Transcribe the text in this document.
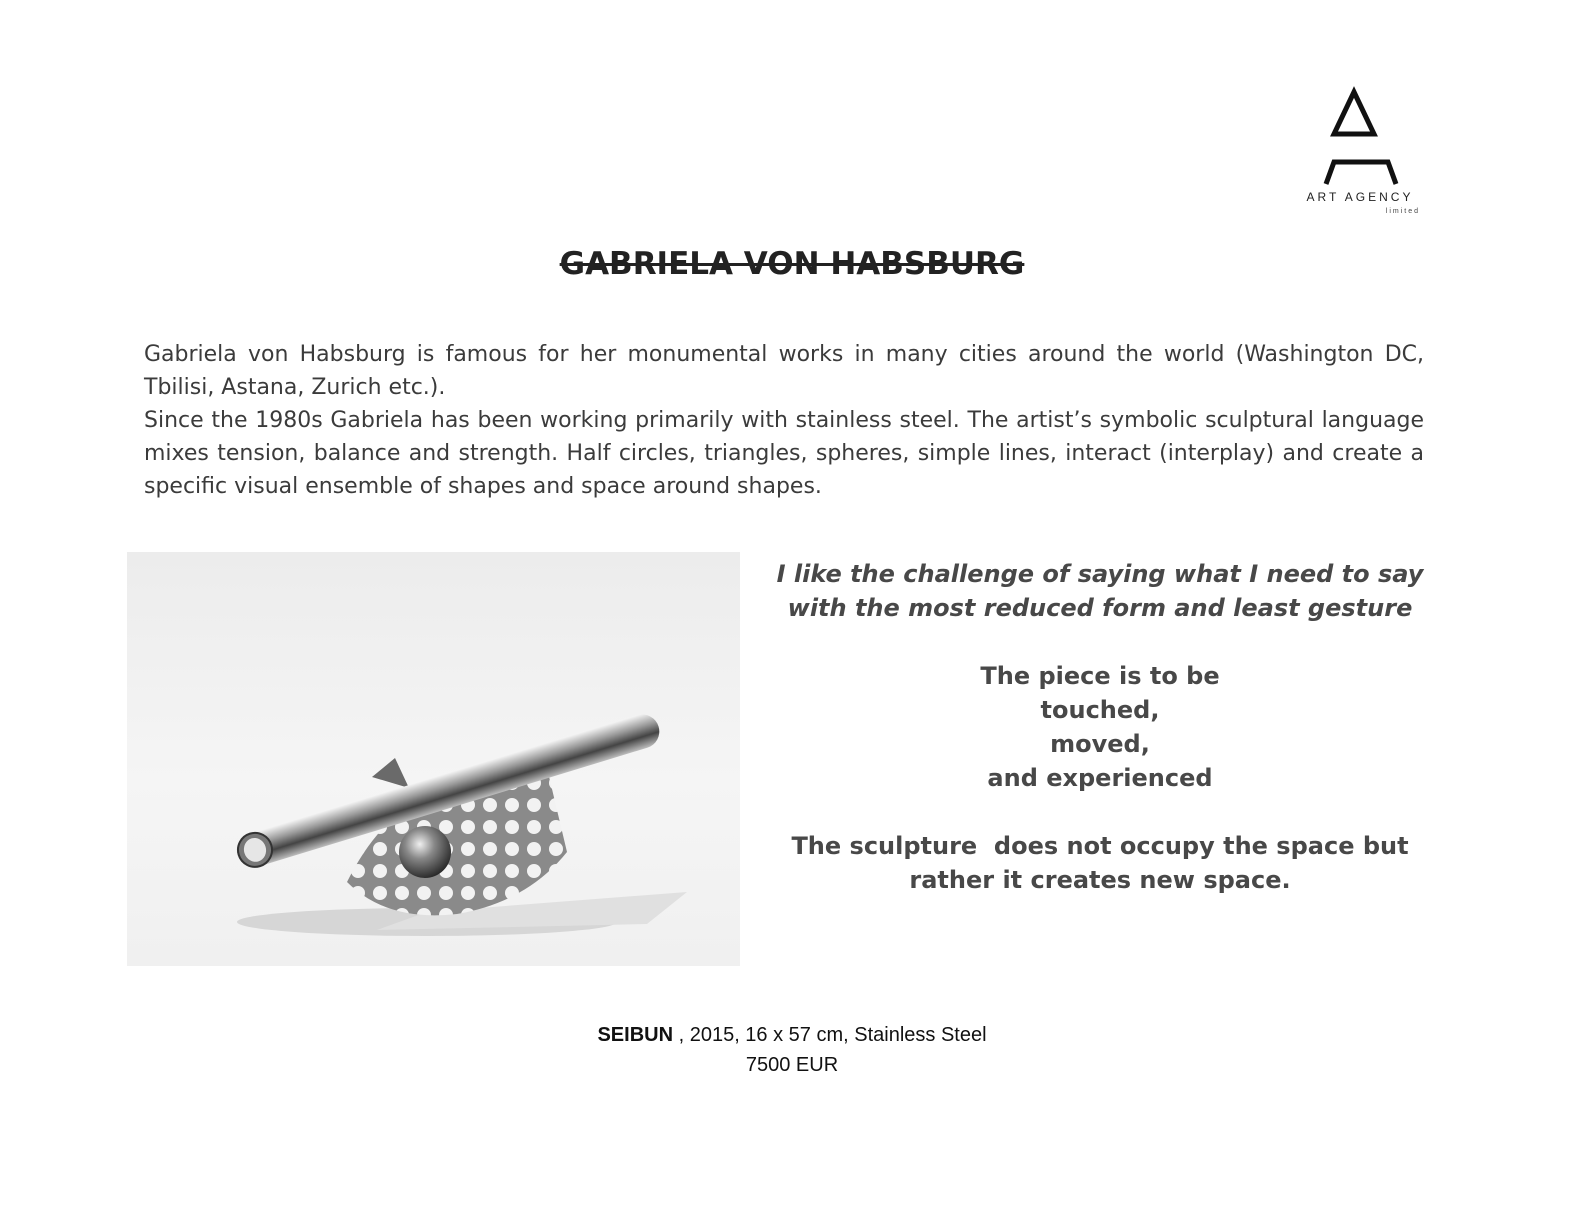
ART AGENCY
limited
GABRIELA VON HABSBURG

Gabriela von Habsburg is famous for her monumental works in many cities around the world (Washington DC, Tbilisi, Astana, Zurich etc.).

Since the 1980s Gabriela has been working primarily with stainless steel. The artist’s symbolic sculptural language mixes tension, balance and strength. Half circles, triangles, spheres, simple lines, interact (interplay) and create a specific visual ensemble of shapes and space around shapes.

I like the challenge of saying what I need to say

with the most reduced form and least gesture

The piece is to be

touched,

moved,

and experienced

The sculpture  does not occupy the space but

rather it creates new space.

SEIBUN , 2015, 16 x 57 cm, Stainless Steel
7500 EUR
